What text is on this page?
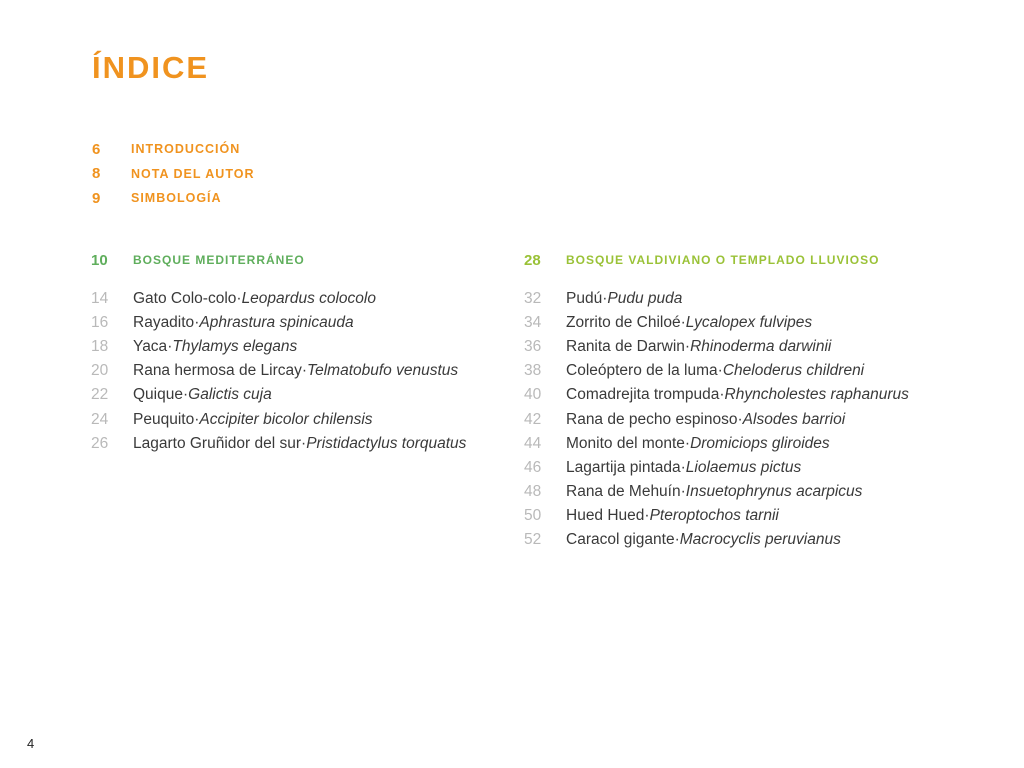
ÍNDICE
6	INTRODUCCIÓN
8	NOTA DEL AUTOR
9	SIMBOLOGÍA
10	BOSQUE MEDITERRÁNEO
14	Gato Colo-colo · Leopardus colocolo
16	Rayadito · Aphrastura spinicauda
18	Yaca · Thylamys elegans
20	Rana hermosa de Lircay · Telmatobufo venustus
22	Quique · Galictis cuja
24	Peuquito · Accipiter bicolor chilensis
26	Lagarto Gruñidor del sur · Pristidactylus torquatus
28	BOSQUE VALDIVIANO O TEMPLADO LLUVIOSO
32	Pudú · Pudu puda
34	Zorrito de Chiloé · Lycalopex fulvipes
36	Ranita de Darwin · Rhinoderma darwinii
38	Coleóptero de la luma · Cheloderus childreni
40	Comadrejita trompuda · Rhyncholestes raphanurus
42	Rana de pecho espinoso · Alsodes barrioi
44	Monito del monte · Dromiciops gliroides
46	Lagartija pintada · Liolaemus pictus
48	Rana de Mehuín · Insuetophrynus acarpicus
50	Hued Hued · Pteroptochos tarnii
52	Caracol gigante · Macrocyclis peruvianus
4
